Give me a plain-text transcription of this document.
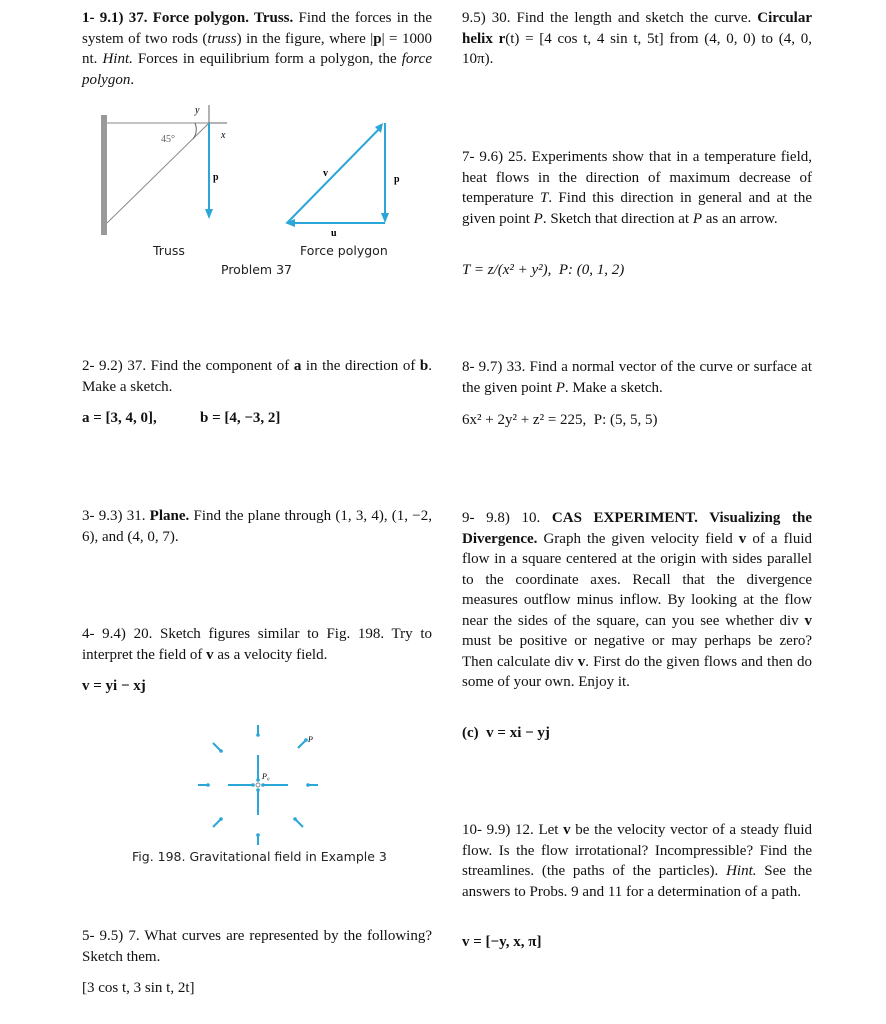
1- 9.1) 37. Force polygon. Truss. Find the forces in the system of two rods (truss) in the figure, where |p| = 1000 nt. Hint. Forces in equilibrium form a polygon, the force polygon.
45°
y
x
p	v
p
u
Truss	Force polygon
Problem 37
2- 9.2) 37. Find the component of a in the direction of b. Make a sketch.
a = [3, 4, 0],	b = [4, −3, 2]
3- 9.3) 31. Plane. Find the plane through (1, 3, 4), (1, −2, 6), and (4, 0, 7).
4- 9.4) 20. Sketch figures similar to Fig. 198. Try to interpret the field of v as a velocity field.
v = yi − xj
P₀
P
Fig. 198. Gravitational field in Example 3
5- 9.5) 7. What curves are represented by the following? Sketch them.
[3 cos t, 3 sin t, 2t]
9.5) 30. Find the length and sketch the curve. Circular helix r(t) = [4 cos t, 4 sin t, 5t] from (4, 0, 0) to (4, 0, 10π).
7- 9.6) 25. Experiments show that in a temperature field, heat flows in the direction of maximum decrease of temperature T. Find this direction in general and at the given point P. Sketch that direction at P as an arrow.
T = z/(x² + y²),  P: (0, 1, 2)
8- 9.7) 33. Find a normal vector of the curve or surface at the given point P. Make a sketch.
6x² + 2y² + z² = 225,  P: (5, 5, 5)
9- 9.8) 10. CAS EXPERIMENT. Visualizing the Divergence. Graph the given velocity field v of a fluid flow in a square centered at the origin with sides parallel to the coordinate axes. Recall that the divergence measures outflow minus inflow. By looking at the flow near the sides of the square, can you see whether div v must be positive or negative or may perhaps be zero? Then calculate div v. First do the given flows and then do some of your own. Enjoy it.
(c)  v = xi − yj
10- 9.9) 12. Let v be the velocity vector of a steady fluid flow. Is the flow irrotational? Incompressible? Find the streamlines. (the paths of the particles). Hint. See the answers to Probs. 9 and 11 for a determination of a path.
v = [−y, x, π]
